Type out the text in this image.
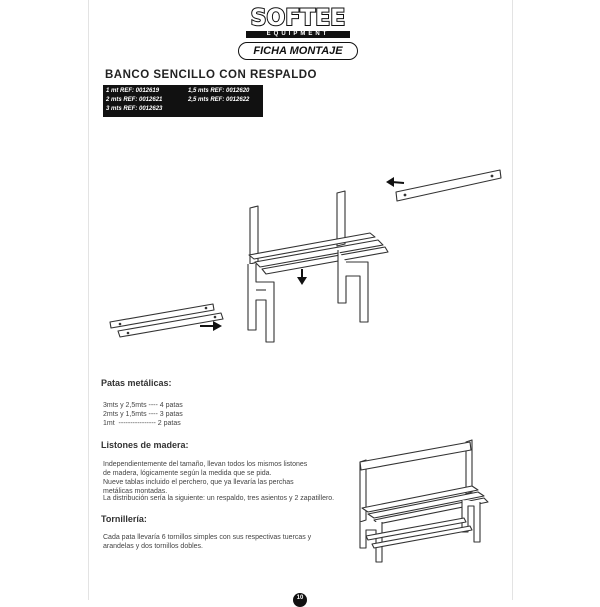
SOFTEE
EQUIPMENT
FICHA MONTAJE
BANCO SENCILLO CON RESPALDO
1 mt REF: 0012619	1,5 mts REF: 0012620
2 mts REF: 0012621	2,5 mts REF: 0012622
3 mts REF: 0012623
Patas metálicas:
3mts y 2,5mts ---- 4 patas
2mts y 1,5mts ---- 3 patas
1mt  ---------------- 2 patas
Listones de madera:
Independientemente del tamaño, llevan todos los mismos listones
de madera, lógicamente según la medida que se pida.
Nueve tablas incluido el perchero, que ya llevaría las perchas
metálicas montadas.
La distribución sería la siguiente: un respaldo, tres asientos y 2 zapatillero.
Tornillería:
Cada pata llevaría 6 tornillos simples con sus respectivas tuercas y
arandelas y dos tornillos dobles.
10
